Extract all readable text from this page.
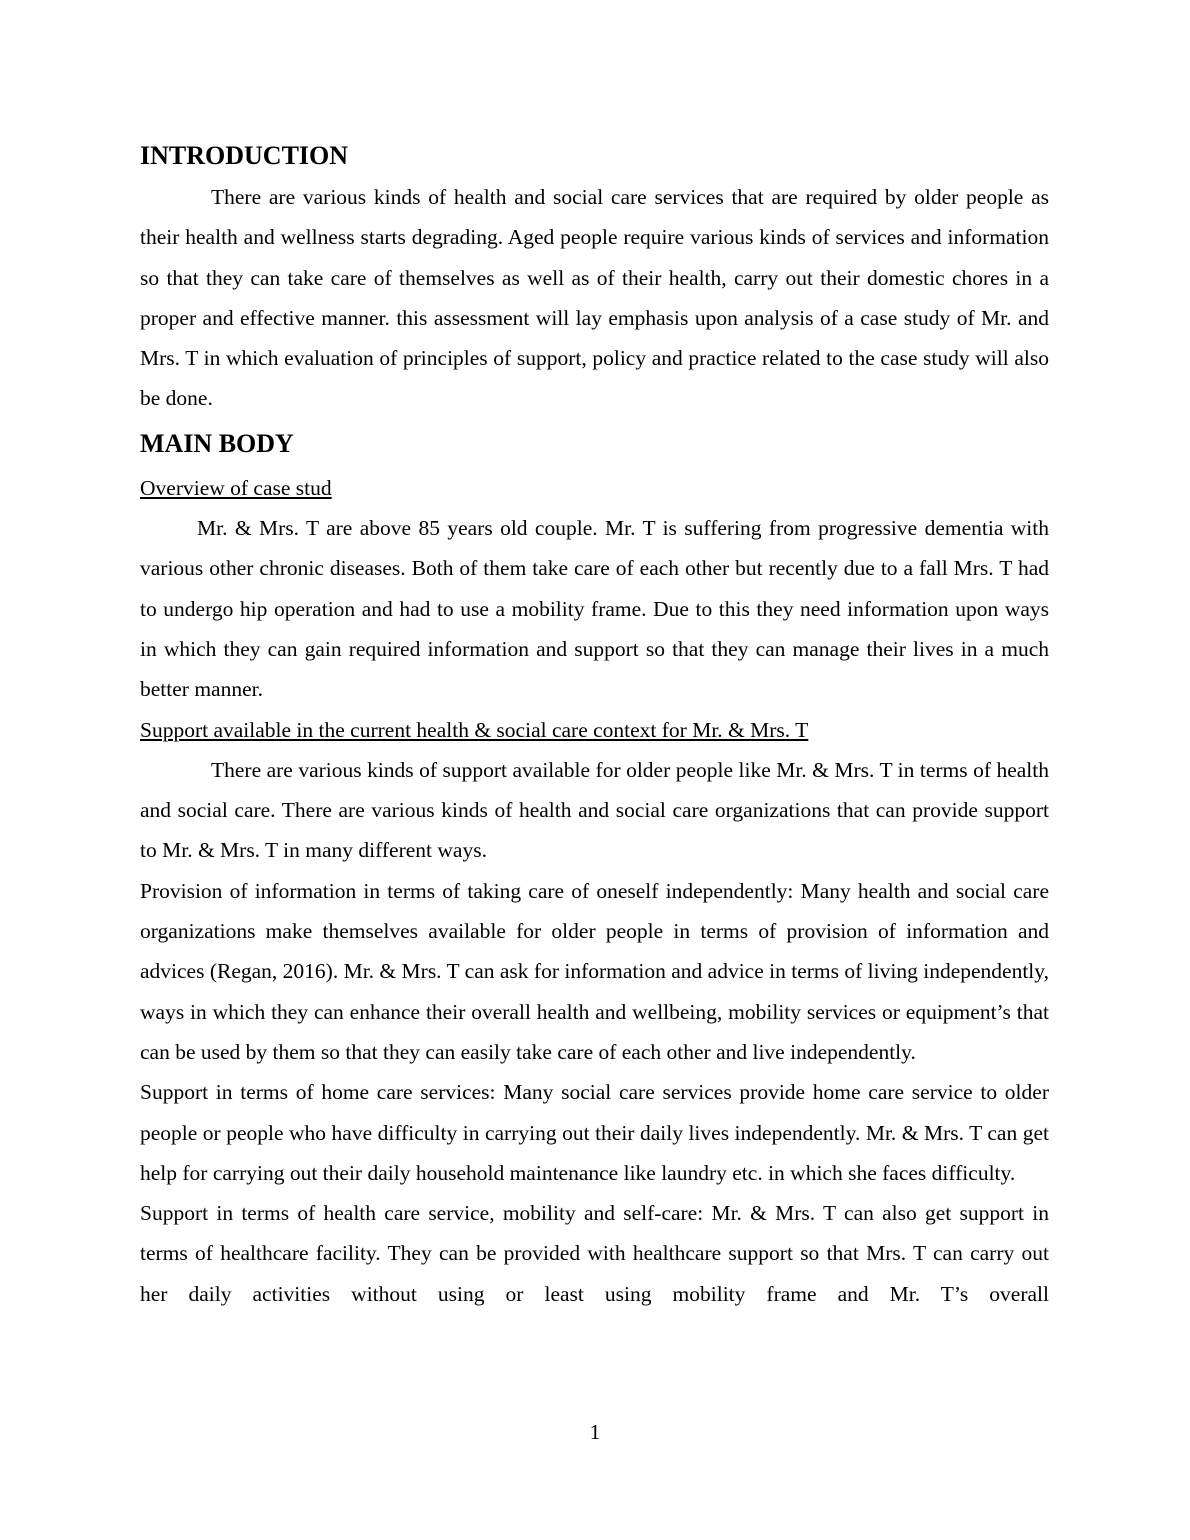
INTRODUCTION

There are various kinds of health and social care services that are required by older people as their health and wellness starts degrading. Aged people require various kinds of services and information so that they can take care of themselves as well as of their health, carry out their domestic chores in a proper and effective manner. this assessment will lay emphasis upon analysis of a case study of Mr. and Mrs. T in which evaluation of principles of support, policy and practice related to the case study will also be done.

MAIN BODY

Overview of case stud

Mr. & Mrs. T are above 85 years old couple. Mr. T is suffering from progressive dementia with various other chronic diseases. Both of them take care of each other but recently due to a fall Mrs. T had to undergo hip operation and had to use a mobility frame. Due to this they need information upon ways in which they can gain required information and support so that they can manage their lives in a much better manner.

Support available in the current health & social care context for Mr. & Mrs. T

There are various kinds of support available for older people like Mr. & Mrs. T in terms of health and social care. There are various kinds of health and social care organizations that can provide support to Mr. & Mrs. T in many different ways.

Provision of information in terms of taking care of oneself independently: Many health and social care organizations make themselves available for older people in terms of provision of information and advices (Regan, 2016). Mr. & Mrs. T can ask for information and advice in terms of living independently, ways in which they can enhance their overall health and wellbeing, mobility services or equipment’s that can be used by them so that they can easily take care of each other and live independently.

Support in terms of home care services: Many social care services provide home care service to older people or people who have difficulty in carrying out their daily lives independently. Mr. & Mrs. T can get help for carrying out their daily household maintenance like laundry etc. in which she faces difficulty.

Support in terms of health care service, mobility and self-care: Mr. & Mrs. T can also get support in terms of healthcare facility. They can be provided with healthcare support so that Mrs. T can carry out her daily activities without using or least using mobility frame and Mr. T’s overall

1
